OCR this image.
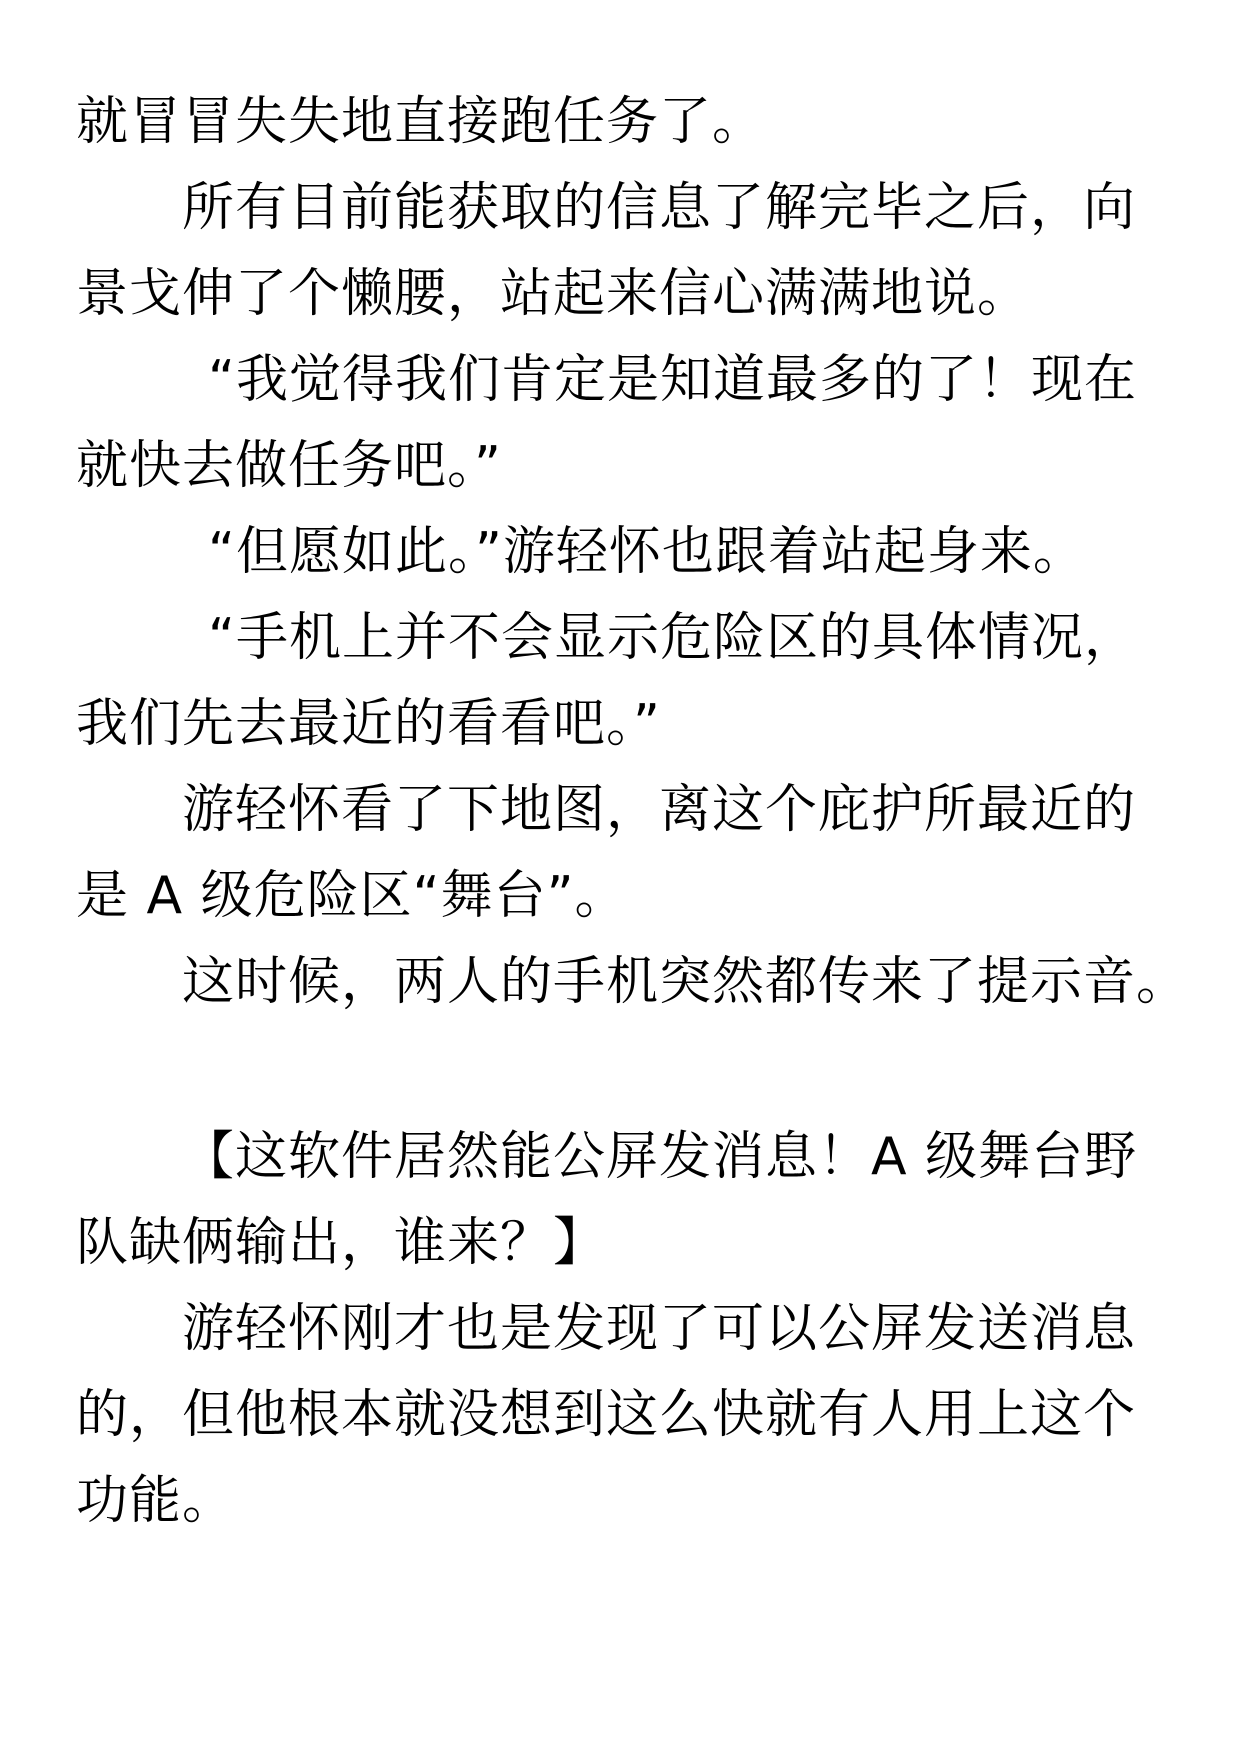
就冒冒失失地直接跑任务了。
所有目前能获取的信息了解完毕之后，向
景戈伸了个懒腰，站起来信心满满地说。
“我觉得我们肯定是知道最多的了！现在
就快去做任务吧。”
“但愿如此。”游轻怀也跟着站起身来。
“手机上并不会显示危险区的具体情况，
我们先去最近的看看吧。”
游轻怀看了下地图，离这个庇护所最近的
是 A 级危险区“舞台”。
这时候，两人的手机突然都传来了提示音。
【这软件居然能公屏发消息！A 级舞台野
队缺俩输出，谁来？】
游轻怀刚才也是发现了可以公屏发送消息
的，但他根本就没想到这么快就有人用上这个
功能。
